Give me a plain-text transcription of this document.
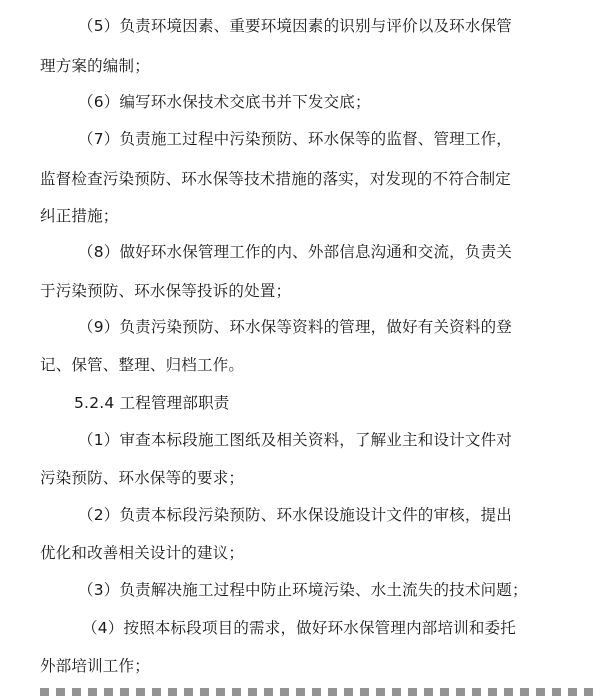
（5）负责环境因素、重要环境因素的识别与评价以及环水保管
理方案的编制；
（6）编写环水保技术交底书并下发交底；
（7）负责施工过程中污染预防、环水保等的监督、管理工作，
监督检查污染预防、环水保等技术措施的落实，对发现的不符合制定
纠正措施；
（8）做好环水保管理工作的内、外部信息沟通和交流，负责关
于污染预防、环水保等投诉的处置；
（9）负责污染预防、环水保等资料的管理，做好有关资料的登
记、保管、整理、归档工作。
5.2.4 工程管理部职责
（1）审查本标段施工图纸及相关资料，了解业主和设计文件对
污染预防、环水保等的要求；
（2）负责本标段污染预防、环水保设施设计文件的审核，提出
优化和改善相关设计的建议；
（3）负责解决施工过程中防止环境污染、水土流失的技术问题；
（4）按照本标段项目的需求，做好环水保管理内部培训和委托
外部培训工作；
